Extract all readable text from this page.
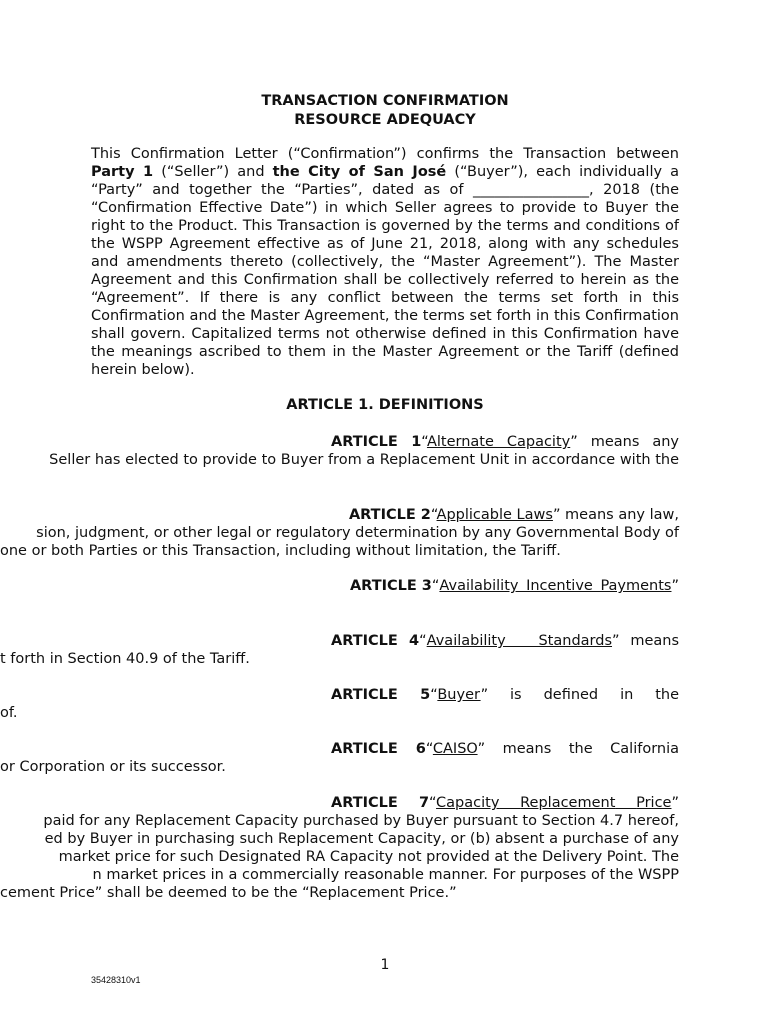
TRANSACTION CONFIRMATION
RESOURCE ADEQUACY
This Confirmation Letter (“Confirmation”) confirms the Transaction between Party 1 (“Seller”) and the City of San José (“Buyer”), each individually a “Party” and together the “Parties”, dated as of ________________, 2018 (the “Confirmation Effective Date”) in which Seller agrees to provide to Buyer the right to the Product. This Transaction is governed by the terms and conditions of the WSPP Agreement effective as of June 21, 2018, along with any schedules and amendments thereto (collectively, the “Master Agreement”). The Master Agreement and this Confirmation shall be collectively referred to herein as the “Agreement”. If there is any conflict between the terms set forth in this Confirmation and the Master Agreement, the terms set forth in this Confirmation shall govern. Capitalized terms not otherwise defined in this Confirmation have the meanings ascribed to them in the Master Agreement or the Tariff (defined herein below).
ARTICLE 1. DEFINITIONS
ARTICLE 1“Alternate Capacity” means any
Seller has elected to provide to Buyer from a Replacement Unit in accordance with the
ARTICLE 2“Applicable Laws” means any law,
sion, judgment, or other legal or regulatory determination by any Governmental Body of
one or both Parties or this Transaction, including without limitation, the Tariff.
ARTICLE 3“Availability Incentive Payments”
ARTICLE 4“Availability Standards” means
t forth in Section 40.9 of the Tariff.
ARTICLE 5“Buyer” is defined in the
of.
ARTICLE 6“CAISO” means the California
or Corporation or its successor.
ARTICLE 7“Capacity Replacement Price”
paid for any Replacement Capacity purchased by Buyer pursuant to Section 4.7 hereof,
ed by Buyer in purchasing such Replacement Capacity, or (b) absent a purchase of any
market price for such Designated RA Capacity not provided at the Delivery Point. The
n market prices in a commercially reasonable manner. For purposes of the WSPP
cement Price” shall be deemed to be the “Replacement Price.”
1
35428310v1
